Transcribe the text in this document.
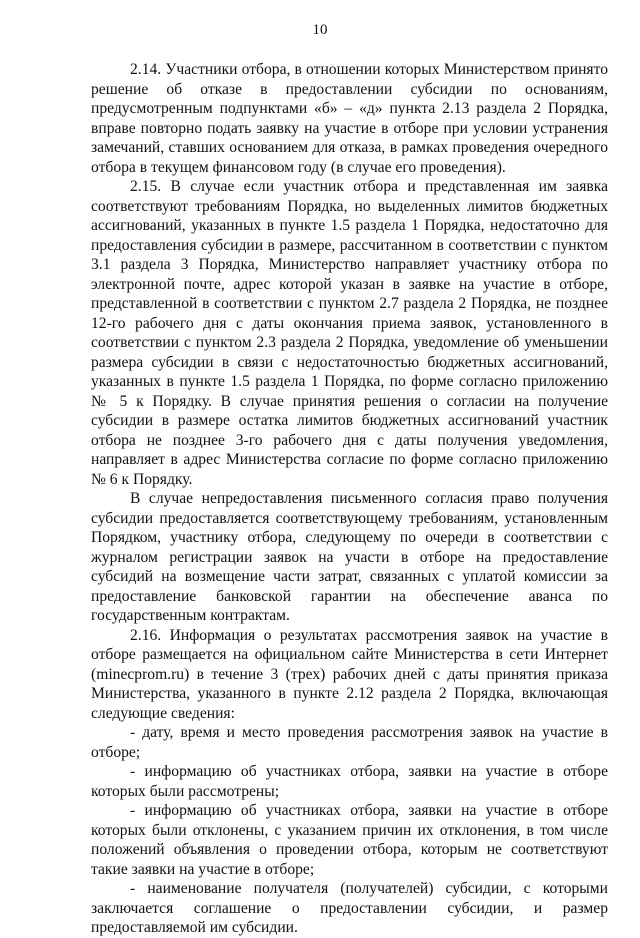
10

2.14. Участники отбора, в отношении которых Министерством принято решение об отказе в предоставлении субсидии по основаниям, предусмотренным подпунктами «б» – «д» пункта 2.13 раздела 2 Порядка, вправе повторно подать заявку на участие в отборе при условии устранения замечаний, ставших основанием для отказа, в рамках проведения очередного отбора в текущем финансовом году (в случае его проведения).

2.15. В случае если участник отбора и представленная им заявка соответствуют требованиям Порядка, но выделенных лимитов бюджетных ассигнований, указанных в пункте 1.5 раздела 1 Порядка, недостаточно для предоставления субсидии в размере, рассчитанном в соответствии с пунктом 3.1 раздела 3 Порядка, Министерство направляет участнику отбора по электронной почте, адрес которой указан в заявке на участие в отборе, представленной в соответствии с пунктом 2.7 раздела 2 Порядка, не позднее 12-го рабочего дня с даты окончания приема заявок, установленного в соответствии с пунктом 2.3 раздела 2 Порядка, уведомление об уменьшении размера субсидии в связи с недостаточностью бюджетных ассигнований, указанных в пункте 1.5 раздела 1 Порядка, по форме согласно приложению № 5 к Порядку. В случае принятия решения о согласии на получение субсидии в размере остатка лимитов бюджетных ассигнований участник отбора не позднее 3-го рабочего дня с даты получения уведомления, направляет в адрес Министерства согласие по форме согласно приложению № 6 к Порядку.

В случае непредоставления письменного согласия право получения субсидии предоставляется соответствующему требованиям, установленным Порядком, участнику отбора, следующему по очереди в соответствии с журналом регистрации заявок на участи в отборе на предоставление субсидий на возмещение части затрат, связанных с уплатой комиссии за предоставление банковской гарантии на обеспечение аванса по государственным контрактам.

2.16. Информация о результатах рассмотрения заявок на участие в отборе размещается на официальном сайте Министерства в сети Интернет (minecprom.ru) в течение 3 (трех) рабочих дней с даты принятия приказа Министерства, указанного в пункте 2.12 раздела 2 Порядка, включающая следующие сведения:

- дату, время и место проведения рассмотрения заявок на участие в отборе;

- информацию об участниках отбора, заявки на участие в отборе которых были рассмотрены;

- информацию об участниках отбора, заявки на участие в отборе которых были отклонены, с указанием причин их отклонения, в том числе положений объявления о проведении отбора, которым не соответствуют такие заявки на участие в отборе;

- наименование получателя (получателей) субсидии, с которыми заключается соглашение о предоставлении субсидии, и размер предоставляемой им субсидии.
